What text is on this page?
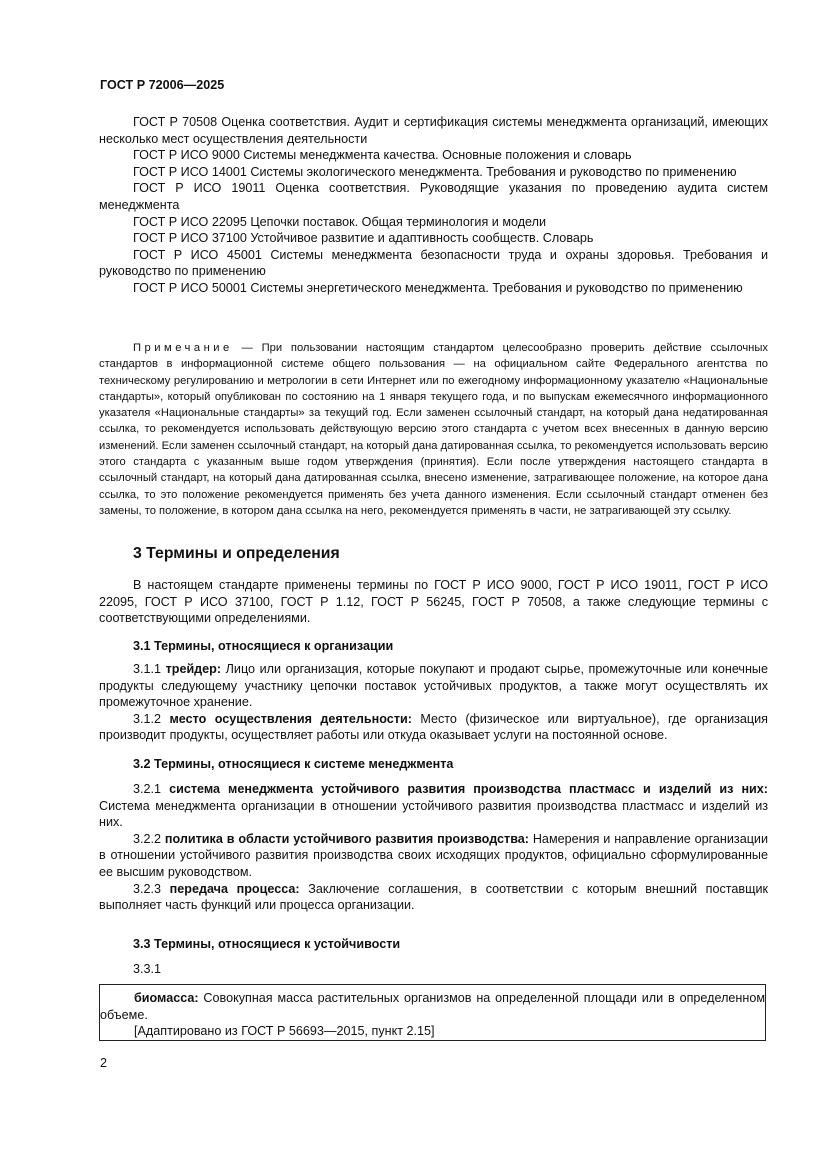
ГОСТ Р 72006—2025

ГОСТ Р 70508 Оценка соответствия. Аудит и сертификация системы менеджмента организаций, имеющих несколько мест осуществления деятельности

ГОСТ Р ИСО 9000 Системы менеджмента качества. Основные положения и словарь

ГОСТ Р ИСО 14001 Системы экологического менеджмента. Требования и руководство по применению

ГОСТ Р ИСО 19011 Оценка соответствия. Руководящие указания по проведению аудита систем менеджмента

ГОСТ Р ИСО 22095 Цепочки поставок. Общая терминология и модели

ГОСТ Р ИСО 37100 Устойчивое развитие и адаптивность сообществ. Словарь

ГОСТ Р ИСО 45001 Системы менеджмента безопасности труда и охраны здоровья. Требования и руководство по применению

ГОСТ Р ИСО 50001 Системы энергетического менеджмента. Требования и руководство по применению

Примечание — При пользовании настоящим стандартом целесообразно проверить действие ссылочных стандартов в информационной системе общего пользования — на официальном сайте Федерального агентства по техническому регулированию и метрологии в сети Интернет или по ежегодному информационному указателю «Национальные стандарты», который опубликован по состоянию на 1 января текущего года, и по выпускам ежемесячного информационного указателя «Национальные стандарты» за текущий год. Если заменен ссылочный стандарт, на который дана недатированная ссылка, то рекомендуется использовать действующую версию этого стандарта с учетом всех внесенных в данную версию изменений. Если заменен ссылочный стандарт, на который дана датированная ссылка, то рекомендуется использовать версию этого стандарта с указанным выше годом утверждения (принятия). Если после утверждения настоящего стандарта в ссылочный стандарт, на который дана датированная ссылка, внесено изменение, затрагивающее положение, на которое дана ссылка, то это положение рекомендуется применять без учета данного изменения. Если ссылочный стандарт отменен без замены, то положение, в котором дана ссылка на него, рекомендуется применять в части, не затрагивающей эту ссылку.

3 Термины и определения

В настоящем стандарте применены термины по ГОСТ Р ИСО 9000, ГОСТ Р ИСО 19011, ГОСТ Р ИСО 22095, ГОСТ Р ИСО 37100, ГОСТ Р 1.12, ГОСТ Р 56245, ГОСТ Р 70508, а также следующие термины с соответствующими определениями.

3.1 Термины, относящиеся к организации

3.1.1 трейдер: Лицо или организация, которые покупают и продают сырье, промежуточные или конечные продукты следующему участнику цепочки поставок устойчивых продуктов, а также могут осуществлять их промежуточное хранение.

3.1.2 место осуществления деятельности: Место (физическое или виртуальное), где организация производит продукты, осуществляет работы или откуда оказывает услуги на постоянной основе.

3.2 Термины, относящиеся к системе менеджмента

3.2.1 система менеджмента устойчивого развития производства пластмасс и изделий из них: Система менеджмента организации в отношении устойчивого развития производства пластмасс и изделий из них.

3.2.2 политика в области устойчивого развития производства: Намерения и направление организации в отношении устойчивого развития производства своих исходящих продуктов, официально сформулированные ее высшим руководством.

3.2.3 передача процесса: Заключение соглашения, в соответствии с которым внешний поставщик выполняет часть функций или процесса организации.

3.3 Термины, относящиеся к устойчивости

3.3.1

биомасса: Совокупная масса растительных организмов на определенной площади или в определенном объеме.

[Адаптировано из ГОСТ Р 56693—2015, пункт 2.15]

2
